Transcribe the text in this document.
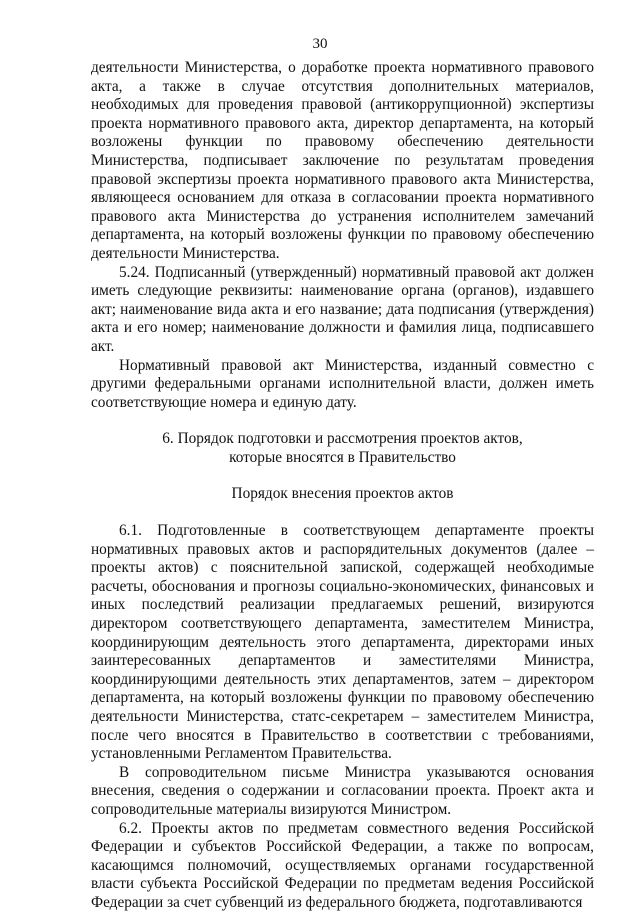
30

деятельности Министерства, о доработке проекта нормативного правового акта, а также в случае отсутствия дополнительных материалов, необходимых для проведения правовой (антикоррупционной) экспертизы проекта нормативного правового акта, директор департамента, на который возложены функции по правовому обеспечению деятельности Министерства, подписывает заключение по результатам проведения правовой экспертизы проекта нормативного правового акта Министерства, являющееся основанием для отказа в согласовании проекта нормативного правового акта Министерства до устранения исполнителем замечаний департамента, на который возложены функции по правовому обеспечению деятельности Министерства.

5.24. Подписанный (утвержденный) нормативный правовой акт должен иметь следующие реквизиты: наименование органа (органов), издавшего акт; наименование вида акта и его название; дата подписания (утверждения) акта и его номер; наименование должности и фамилия лица, подписавшего акт.

Нормативный правовой акт Министерства, изданный совместно с другими федеральными органами исполнительной власти, должен иметь соответствующие номера и единую дату.

6. Порядок подготовки и рассмотрения проектов актов,

которые вносятся в Правительство

Порядок внесения проектов актов

6.1. Подготовленные в соответствующем департаменте проекты нормативных правовых актов и распорядительных документов (далее – проекты актов) с пояснительной запиской, содержащей необходимые расчеты, обоснования и прогнозы социально-экономических, финансовых и иных последствий реализации предлагаемых решений, визируются директором соответствующего департамента, заместителем Министра, координирующим деятельность этого департамента, директорами иных заинтересованных департаментов и заместителями Министра, координирующими деятельность этих департаментов, затем – директором департамента, на который возложены функции по правовому обеспечению деятельности Министерства, статс-секретарем – заместителем Министра, после чего вносятся в Правительство в соответствии с требованиями, установленными Регламентом Правительства.

В сопроводительном письме Министра указываются основания внесения, сведения о содержании и согласовании проекта. Проект акта и сопроводительные материалы визируются Министром.

6.2. Проекты актов по предметам совместного ведения Российской Федерации и субъектов Российской Федерации, а также по вопросам, касающимся полномочий, осуществляемых органами государственной власти субъекта Российской Федерации по предметам ведения Российской Федерации за счет субвенций из федерального бюджета, подготавливаются
